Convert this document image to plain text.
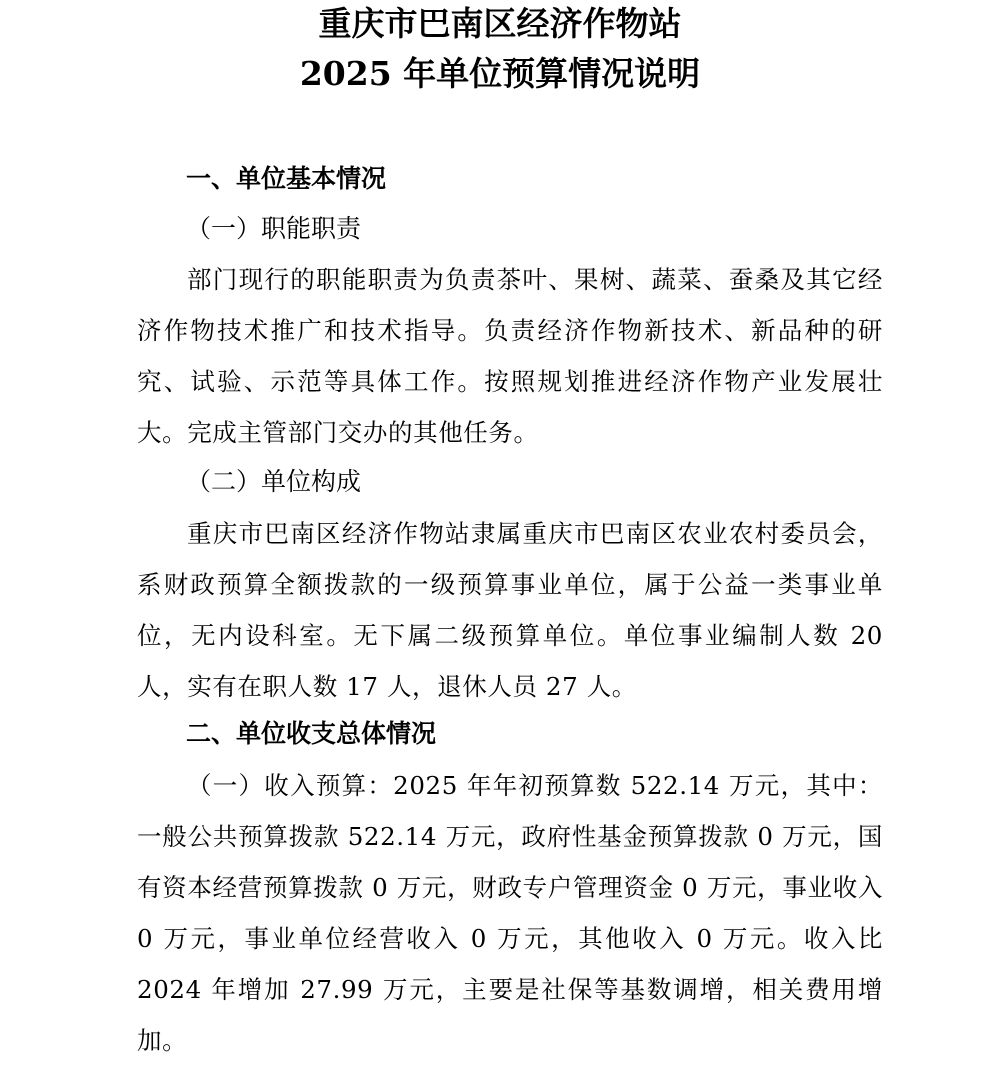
重庆市巴南区经济作物站
2025 年单位预算情况说明
一、单位基本情况
（一）职能职责
部门现行的职能职责为负责茶叶、果树、蔬菜、蚕桑及其它经济作物技术推广和技术指导。负责经济作物新技术、新品种的研究、试验、示范等具体工作。按照规划推进经济作物产业发展壮大。完成主管部门交办的其他任务。
（二）单位构成
重庆市巴南区经济作物站隶属重庆市巴南区农业农村委员会，系财政预算全额拨款的一级预算事业单位，属于公益一类事业单位，无内设科室。无下属二级预算单位。单位事业编制人数 20 人，实有在职人数 17 人，退休人员 27 人。
二、单位收支总体情况
（一）收入预算：2025 年年初预算数 522.14 万元，其中：一般公共预算拨款 522.14 万元，政府性基金预算拨款 0 万元，国有资本经营预算拨款 0 万元，财政专户管理资金 0 万元，事业收入 0 万元，事业单位经营收入 0 万元，其他收入 0 万元。收入比 2024 年增加 27.99 万元，主要是社保等基数调增，相关费用增加。
